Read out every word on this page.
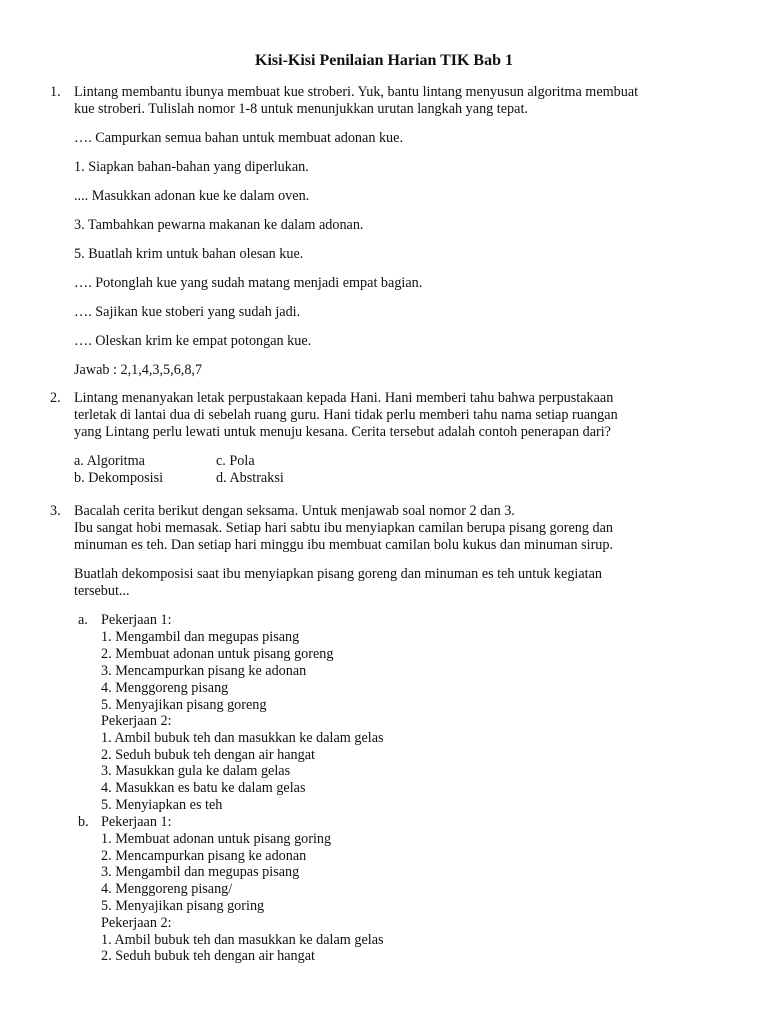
Kisi-Kisi Penilaian Harian TIK Bab 1
1. Lintang membantu ibunya membuat kue stroberi. Yuk, bantu lintang menyusun algoritma membuat
kue stroberi. Tulislah nomor 1-8 untuk menunjukkan urutan langkah yang tepat.
…. Campurkan semua bahan untuk membuat adonan kue.
1. Siapkan bahan-bahan yang diperlukan.
.... Masukkan adonan kue ke dalam oven.
3. Tambahkan pewarna makanan ke dalam adonan.
5. Buatlah krim untuk bahan olesan kue.
…. Potonglah kue yang sudah matang menjadi empat bagian.
…. Sajikan kue stoberi yang sudah jadi.
…. Oleskan krim ke empat potongan kue.
Jawab : 2,1,4,3,5,6,8,7
2. Lintang menanyakan letak perpustakaan kepada Hani. Hani memberi tahu bahwa perpustakaan
terletak di lantai dua di sebelah ruang guru. Hani tidak perlu memberi tahu nama setiap ruangan
yang Lintang perlu lewati untuk menuju kesana. Cerita tersebut adalah contoh penerapan dari?
a. Algoritma	c. Pola
b. Dekomposisi	d. Abstraksi
3. Bacalah cerita berikut dengan seksama. Untuk menjawab soal nomor 2 dan 3.
Ibu sangat hobi memasak. Setiap hari sabtu ibu menyiapkan camilan berupa pisang goreng dan
minuman es teh. Dan setiap hari minggu ibu membuat camilan bolu kukus dan minuman sirup.
Buatlah dekomposisi saat ibu menyiapkan pisang goreng dan minuman es teh untuk kegiatan
tersebut...
a. Pekerjaan 1:
1. Mengambil dan megupas pisang
2. Membuat adonan untuk pisang goreng
3. Mencampurkan pisang ke adonan
4. Menggoreng pisang
5. Menyajikan pisang goreng
Pekerjaan 2:
1. Ambil bubuk teh dan masukkan ke dalam gelas
2. Seduh bubuk teh dengan air hangat
3. Masukkan gula ke dalam gelas
4. Masukkan es batu ke dalam gelas
5. Menyiapkan es teh
b. Pekerjaan 1:
1. Membuat adonan untuk pisang goring
2. Mencampurkan pisang ke adonan
3. Mengambil dan megupas pisang
4. Menggoreng pisang/
5. Menyajikan pisang goring
Pekerjaan 2:
1. Ambil bubuk teh dan masukkan ke dalam gelas
2. Seduh bubuk teh dengan air hangat
